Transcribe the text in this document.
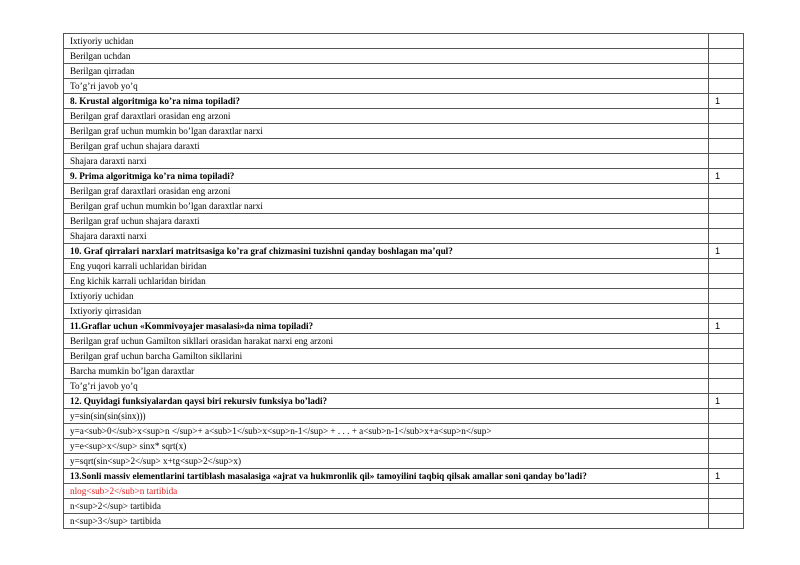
Ixtiyoriy uchidan	
Berilgan uchdan	
Berilgan qirradan	
To’g’ri javob yo’q	
8. Krustal algoritmiga ko’ra nima topiladi?	1
Berilgan graf daraxtlari orasidan eng arzoni	
Berilgan graf uchun mumkin bo’lgan daraxtlar narxi	
Berilgan graf uchun shajara daraxti	
Shajara daraxti narxi	
9. Prima algoritmiga ko’ra nima topiladi?	1
Berilgan graf daraxtlari orasidan eng arzoni	
Berilgan graf uchun mumkin bo’lgan daraxtlar narxi	
Berilgan graf uchun shajara daraxti	
Shajara daraxti narxi	
10. Graf qirralari narxlari matritsasiga ko’ra graf chizmasini tuzishni qanday boshlagan ma’qul?	1
Eng yuqori karrali uchlaridan biridan	
Eng kichik karrali uchlaridan biridan	
Ixtiyoriy uchidan	
Ixtiyoriy qirrasidan	
11.Graflar uchun «Kommivoyajer masalasi»da nima topiladi?	1
Berilgan graf uchun Gamilton sikllari orasidan harakat narxi eng arzoni	
Berilgan graf uchun barcha Gamilton sikllarini	
Barcha mumkin bo’lgan daraxtlar	
To’g’ri javob yo’q	
12. Quyidagi funksiyalardan qaysi biri rekursiv funksiya bo’ladi?	1
y=sin(sin(sin(sinx)))	
y=a<sub>0</sub>x<sup>n </sup>+ a<sub>1</sub>x<sup>n-1</sup> + . . . + a<sub>n-1</sub>x+a<sup>n</sup>	
y=e<sup>x</sup> sinx* sqrt(x)	
y=sqrt(sin<sup>2</sup> x+tg<sup>2</sup>x)	
13.Sonli massiv elementlarini tartiblash masalasiga «ajrat va hukmronlik qil» tamoyilini taqbiq qilsak amallar soni qanday bo’ladi?	1
nlog<sub>2</sub>n tartibida	
n<sup>2</sup> tartibida	
n<sup>3</sup> tartibida	
